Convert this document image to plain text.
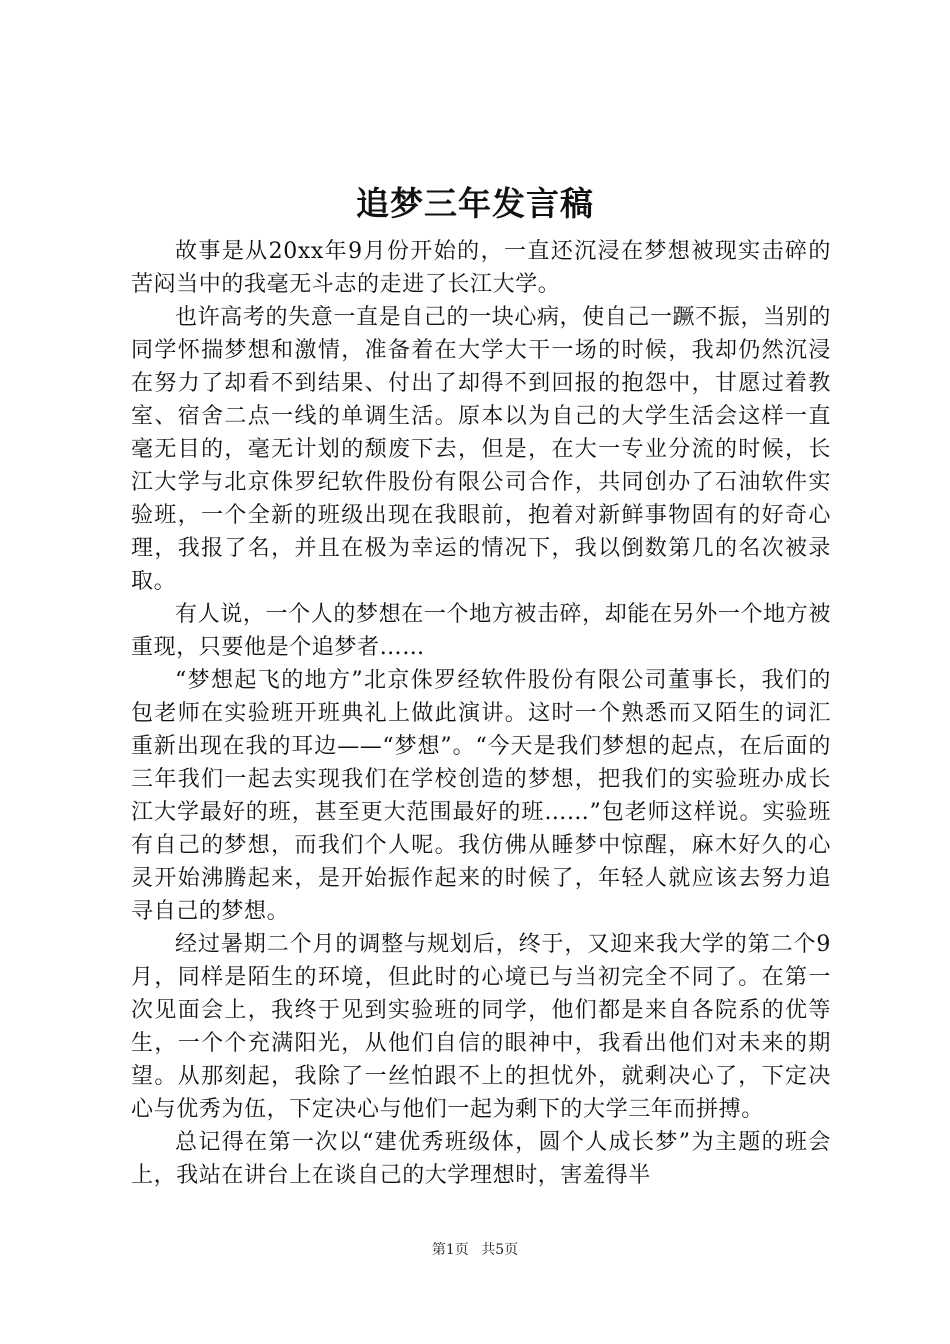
追梦三年发言稿

故事是从20xx年9月份开始的，一直还沉浸在梦想被现实击碎的苦闷当中的我毫无斗志的走进了长江大学。

也许高考的失意一直是自己的一块心病，使自己一蹶不振，当别的同学怀揣梦想和激情，准备着在大学大干一场的时候，我却仍然沉浸在努力了却看不到结果、付出了却得不到回报的抱怨中，甘愿过着教室、宿舍二点一线的单调生活。原本以为自己的大学生活会这样一直毫无目的，毫无计划的颓废下去，但是，在大一专业分流的时候，长江大学与北京侏罗纪软件股份有限公司合作，共同创办了石油软件实验班，一个全新的班级出现在我眼前，抱着对新鲜事物固有的好奇心理，我报了名，并且在极为幸运的情况下，我以倒数第几的名次被录取。

有人说，一个人的梦想在一个地方被击碎，却能在另外一个地方被重现，只要他是个追梦者……

“梦想起飞的地方”北京侏罗经软件股份有限公司董事长，我们的包老师在实验班开班典礼上做此演讲。这时一个熟悉而又陌生的词汇重新出现在我的耳边——“梦想”。“今天是我们梦想的起点，在后面的三年我们一起去实现我们在学校创造的梦想，把我们的实验班办成长江大学最好的班，甚至更大范围最好的班……”包老师这样说。实验班有自己的梦想，而我们个人呢。我仿佛从睡梦中惊醒，麻木好久的心灵开始沸腾起来，是开始振作起来的时候了，年轻人就应该去努力追寻自己的梦想。

经过暑期二个月的调整与规划后，终于，又迎来我大学的第二个9月，同样是陌生的环境，但此时的心境已与当初完全不同了。在第一次见面会上，我终于见到实验班的同学，他们都是来自各院系的优等生，一个个充满阳光，从他们自信的眼神中，我看出他们对未来的期望。从那刻起，我除了一丝怕跟不上的担忧外，就剩决心了，下定决心与优秀为伍，下定决心与他们一起为剩下的大学三年而拼搏。

总记得在第一次以“建优秀班级体，圆个人成长梦”为主题的班会上，我站在讲台上在谈自己的大学理想时，害羞得半

第1页 共5页
